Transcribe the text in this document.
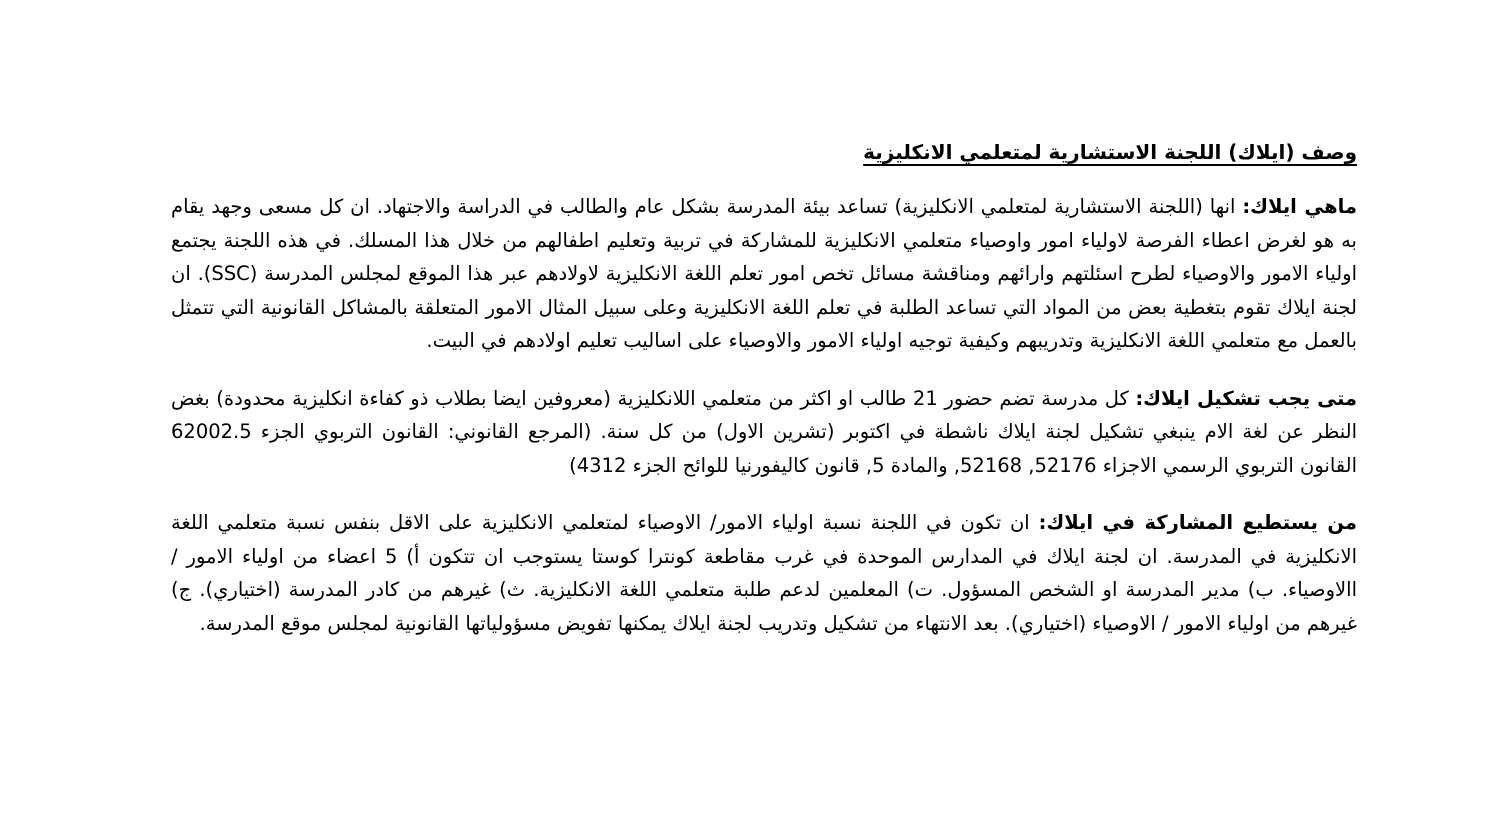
وصف (ايلاك) اللجنة الاستشارية لمتعلمي الانكليزية

ماهي ايلاك: انها (اللجنة الاستشارية لمتعلمي الانكليزية) تساعد بيئة المدرسة بشكل عام والطالب في الدراسة والاجتهاد. ان كل مسعى وجهد يقام به هو لغرض اعطاء الفرصة لاولياء امور واوصياء متعلمي الانكليزية للمشاركة في تربية وتعليم اطفالهم من خلال هذا المسلك. في هذه اللجنة يجتمع اولياء الامور والاوصياء لطرح اسئلتهم وارائهم ومناقشة مسائل تخص امور تعلم اللغة الانكليزية لاولادهم عبر هذا الموقع لمجلس المدرسة (SSC). ان لجنة ايلاك تقوم بتغطية بعض من المواد التي تساعد الطلبة في تعلم اللغة الانكليزية وعلى سبيل المثال الامور المتعلقة بالمشاكل القانونية التي تتمثل بالعمل مع متعلمي اللغة الانكليزية وتدريبهم وكيفية توجيه اولياء الامور والاوصياء على اساليب تعليم اولادهم في البيت.

متى يجب تشكيل ايلاك: كل مدرسة تضم حضور 21 طالب او اكثر من متعلمي اللانكليزية (معروفين ايضا بطلاب ذو كفاءة انكليزية محدودة) بغض النظر عن لغة الام ينبغي تشكيل لجنة ايلاك ناشطة في اكتوبر (تشرين الاول) من كل سنة. (المرجع القانوني: القانون التربوي الجزء 62002.5 القانون التربوي الرسمي الاجزاء 52176, 52168, والمادة 5, قانون كاليفورنيا للوائح الجزء 4312)

من يستطيع المشاركة في ايلاك: ان تكون في اللجنة نسبة اولياء الامور/ الاوصياء لمتعلمي الانكليزية على الاقل بنفس نسبة متعلمي اللغة الانكليزية في المدرسة. ان لجنة ايلاك في المدارس الموحدة في غرب مقاطعة كونترا كوستا يستوجب ان تتكون أ) 5 اعضاء من اولياء الامور / االاوصياء. ب) مدير المدرسة او الشخص المسؤول. ت) المعلمين لدعم طلبة متعلمي اللغة الانكليزية. ث) غيرهم من كادر المدرسة (اختياري). ج) غيرهم من اولياء الامور / الاوصياء (اختياري). بعد الانتهاء من تشكيل وتدريب لجنة ايلاك يمكنها تفويض مسؤولياتها القانونية لمجلس موقع المدرسة.
